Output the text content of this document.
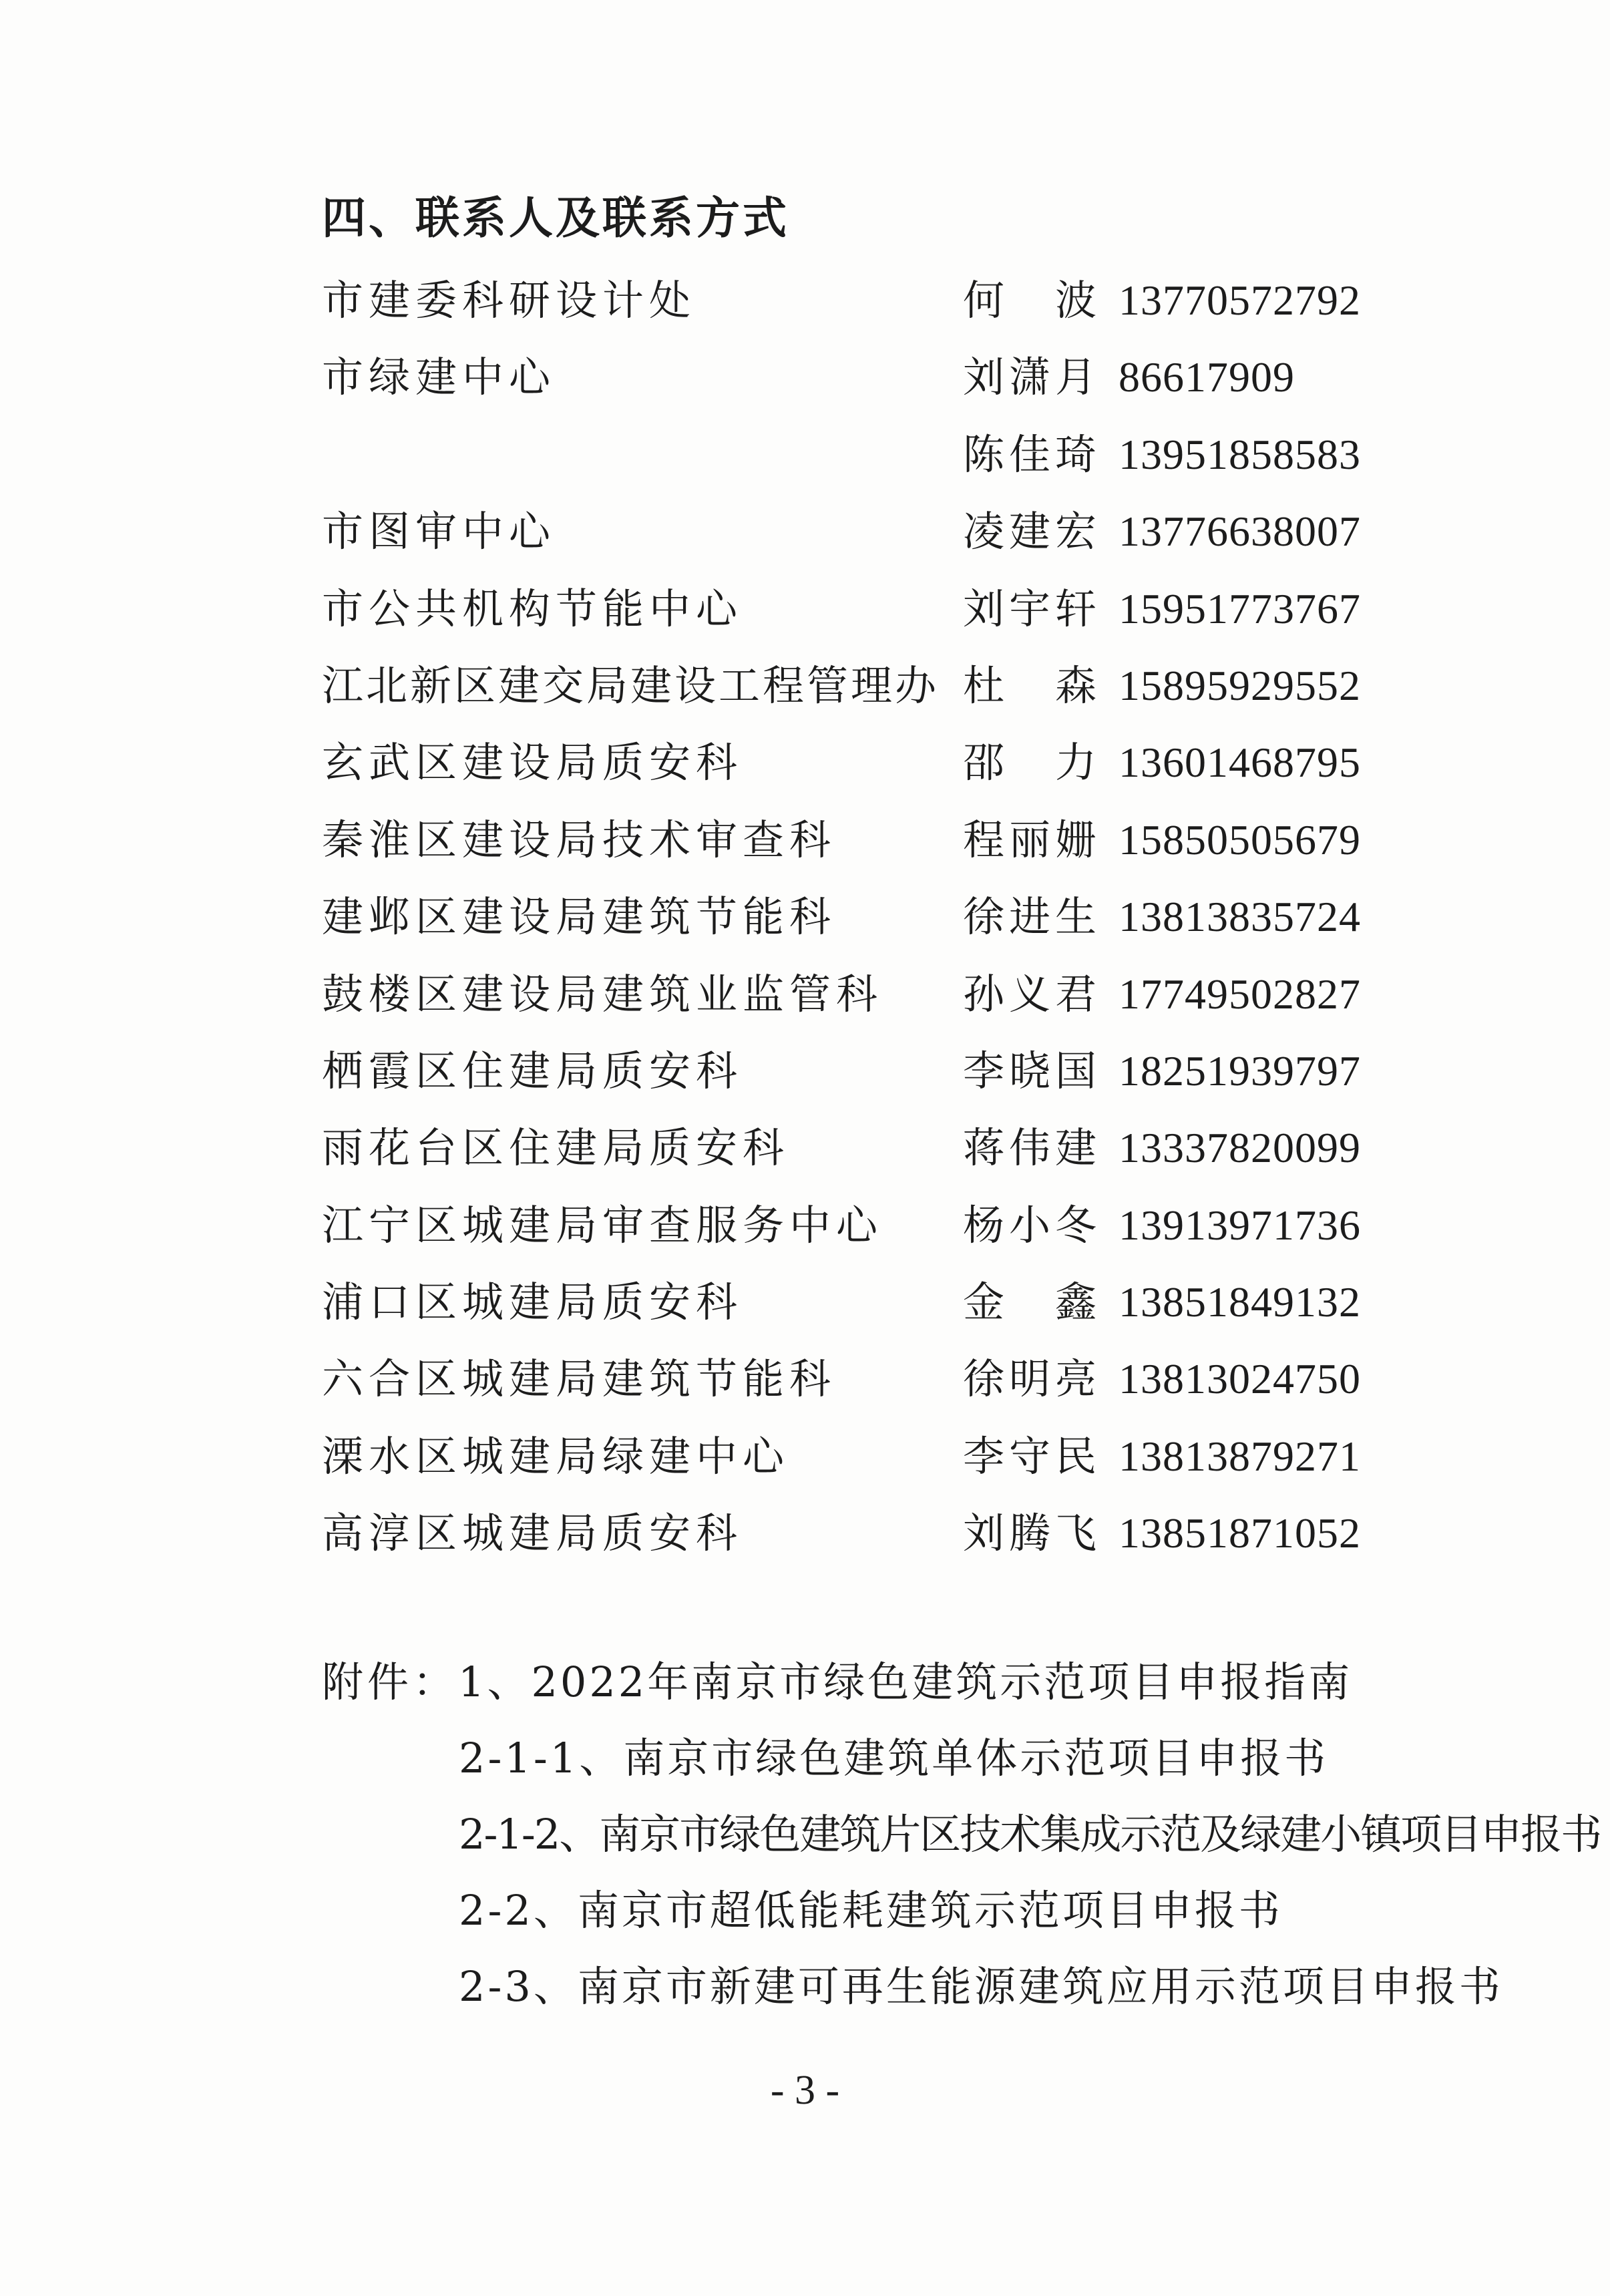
四、联系人及联系方式
市建委科研设计处	何波 13770572792
市绿建中心	刘潇月 86617909
陈佳琦 13951858583
市图审中心	凌建宏 13776638007
市公共机构节能中心	刘宇轩 15951773767
江北新区建交局建设工程管理办 杜森 15895929552
玄武区建设局质安科	邵力 13601468795
秦淮区建设局技术审查科	程丽姗 15850505679
建邺区建设局建筑节能科	徐进生 13813835724
鼓楼区建设局建筑业监管科 孙义君 17749502827
栖霞区住建局质安科	李晓国 18251939797
雨花台区住建局质安科	蒋伟建 13337820099
江宁区城建局审查服务中心 杨小冬 13913971736
浦口区城建局质安科	金鑫 13851849132
六合区城建局建筑节能科	徐明亮 13813024750
溧水区城建局绿建中心	李守民 13813879271
高淳区城建局质安科	刘腾飞 13851871052
附件：1、2022年南京市绿色建筑示范项目申报指南
2-1-1、南京市绿色建筑单体示范项目申报书
2-1-2、南京市绿色建筑片区技术集成示范及绿建小镇项目申报书
2-2、南京市超低能耗建筑示范项目申报书
2-3、南京市新建可再生能源建筑应用示范项目申报书
- 3 -
